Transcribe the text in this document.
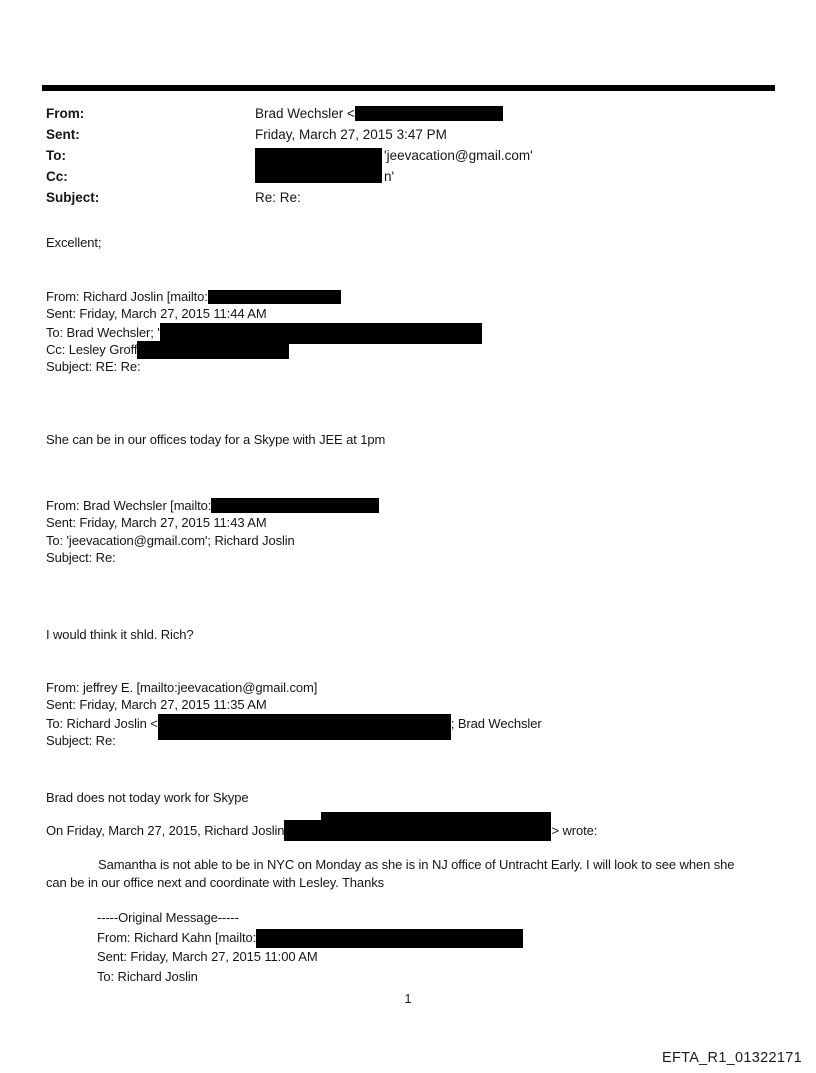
From:	Brad Wechsler <
Sent:	Friday, March 27, 2015 3:47 PM
To:	'jeevacation@gmail.com'
Cc:	n'
Subject:	Re: Re:
Excellent;
From: Richard Joslin [mailto:
Sent: Friday, March 27, 2015 11:44 AM
To: Brad Wechsler; '
Cc: Lesley Groff
Subject: RE: Re:
She can be in our offices today for a Skype with JEE at 1pm
From: Brad Wechsler [mailto:
Sent: Friday, March 27, 2015 11:43 AM
To: 'jeevacation@gmail.com'; Richard Joslin
Subject: Re:
I would think it shld. Rich?
From: jeffrey E. [mailto:jeevacation@gmail.com]
Sent: Friday, March 27, 2015 11:35 AM
To: Richard Joslin <	; Brad Wechsler
Subject: Re:
Brad does not today work for Skype
On Friday, March 27, 2015, Richard Joslin	> wrote:
Samantha is not able to be in NYC on Monday as she is in NJ office of Untracht Early. I will look to see when she
can be in our office next and coordinate with Lesley. Thanks
-----Original Message-----
From: Richard Kahn [mailto:
Sent: Friday, March 27, 2015 11:00 AM
To: Richard Joslin
1
EFTA_R1_01322171
